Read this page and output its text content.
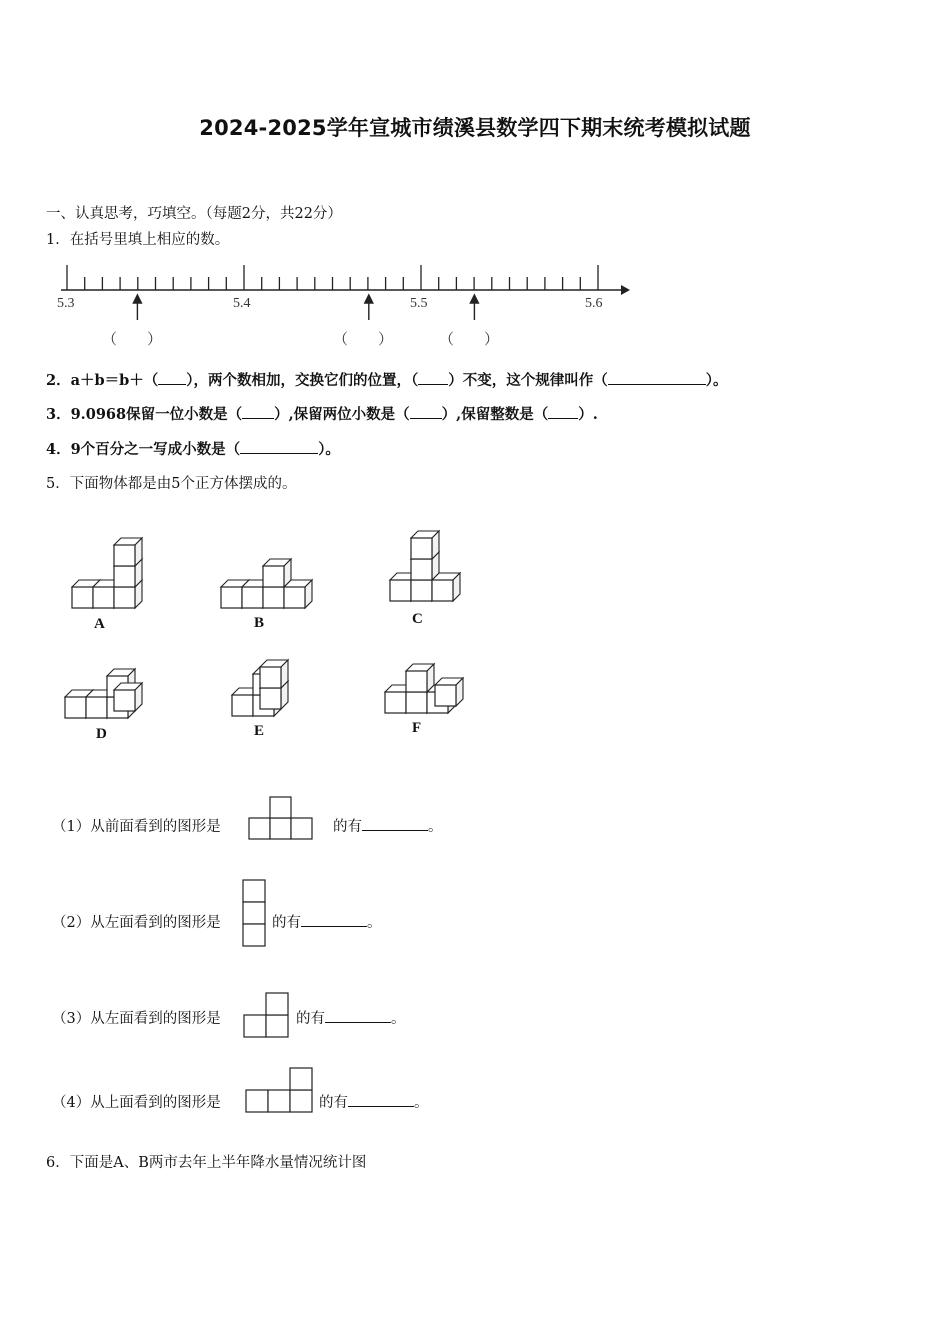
2024-2025学年宣城市绩溪县数学四下期末统考模拟试题
一、认真思考，巧填空。（每题2分，共22分）
1．在括号里填上相应的数。
5.3	5.4	5.5	5.6
（　　）	（　　）	（　　）
2．a＋b＝b＋（ ），两个数相加，交换它们的位置，（ ）不变，这个规律叫作（	）。
3．9.0968保留一位小数是（ ）,保留两位小数是（ ）,保留整数是（ ）.
4．9个百分之一写成小数是（	）。
5．下面物体都是由5个正方体摆成的。
A	B	C
D	E	F
（1）从前面看到的图形是	的有	。
（2）从左面看到的图形是	的有	。
（3）从左面看到的图形是	的有	。
（4）从上面看到的图形是	的有	。
6．下面是A、B两市去年上半年降水量情况统计图
